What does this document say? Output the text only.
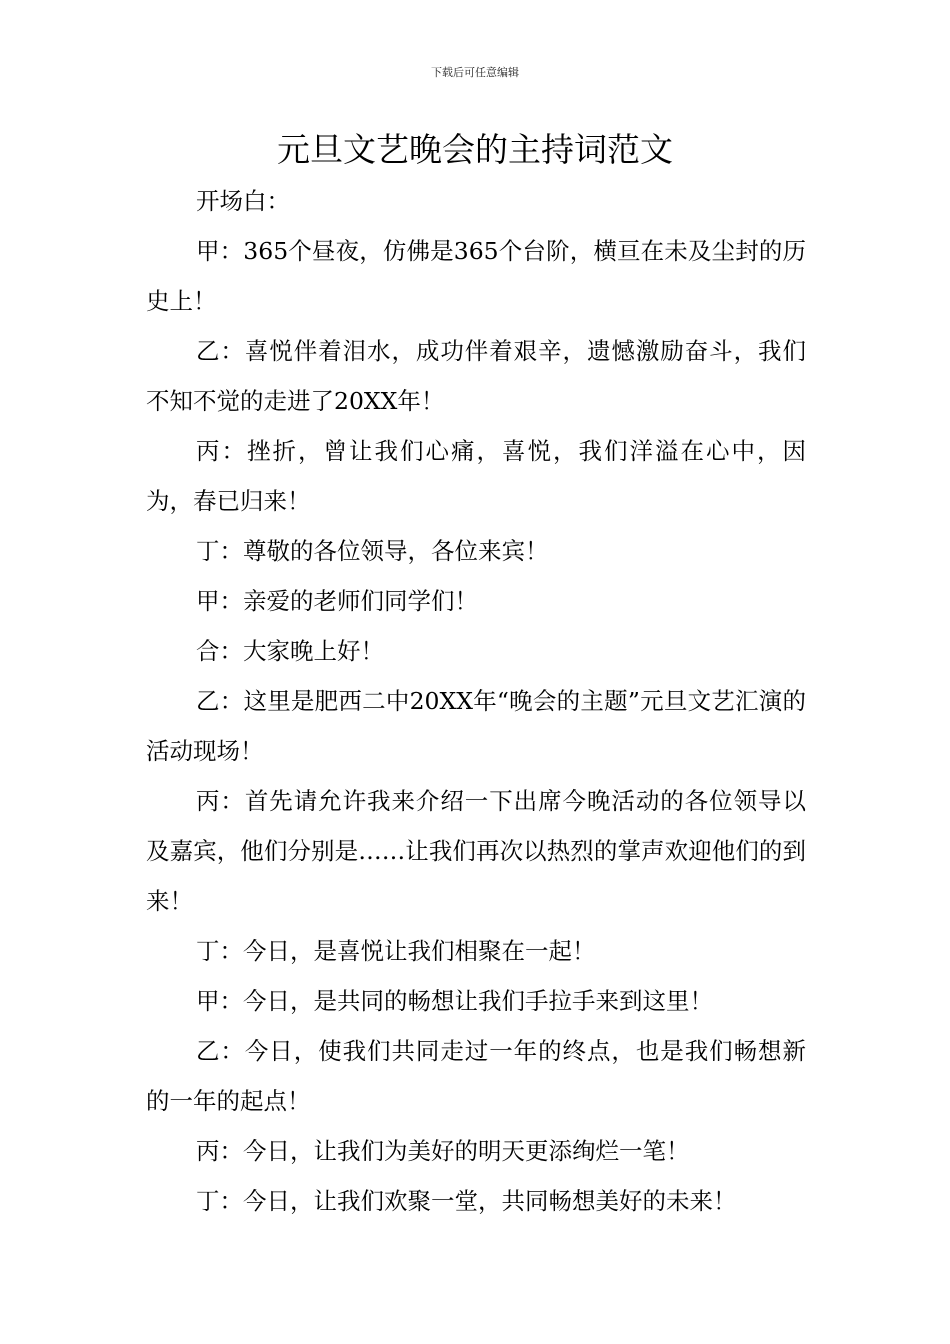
下载后可任意编辑
元旦文艺晚会的主持词范文

开场白：

甲：365个昼夜，仿佛是365个台阶，横亘在未及尘封的历史上！

乙：喜悦伴着泪水，成功伴着艰辛，遗憾激励奋斗，我们不知不觉的走进了20XX年！

丙：挫折，曾让我们心痛，喜悦，我们洋溢在心中，因为，春已归来！

丁：尊敬的各位领导，各位来宾！

甲：亲爱的老师们同学们！

合：大家晚上好！

乙：这里是肥西二中20XX年“晚会的主题”元旦文艺汇演的活动现场！

丙：首先请允许我来介绍一下出席今晚活动的各位领导以及嘉宾，他们分别是……让我们再次以热烈的掌声欢迎他们的到来！

丁：今日，是喜悦让我们相聚在一起！

甲：今日，是共同的畅想让我们手拉手来到这里！

乙：今日，使我们共同走过一年的终点，也是我们畅想新的一年的起点！

丙：今日，让我们为美好的明天更添绚烂一笔！

丁：今日，让我们欢聚一堂，共同畅想美好的未来！
